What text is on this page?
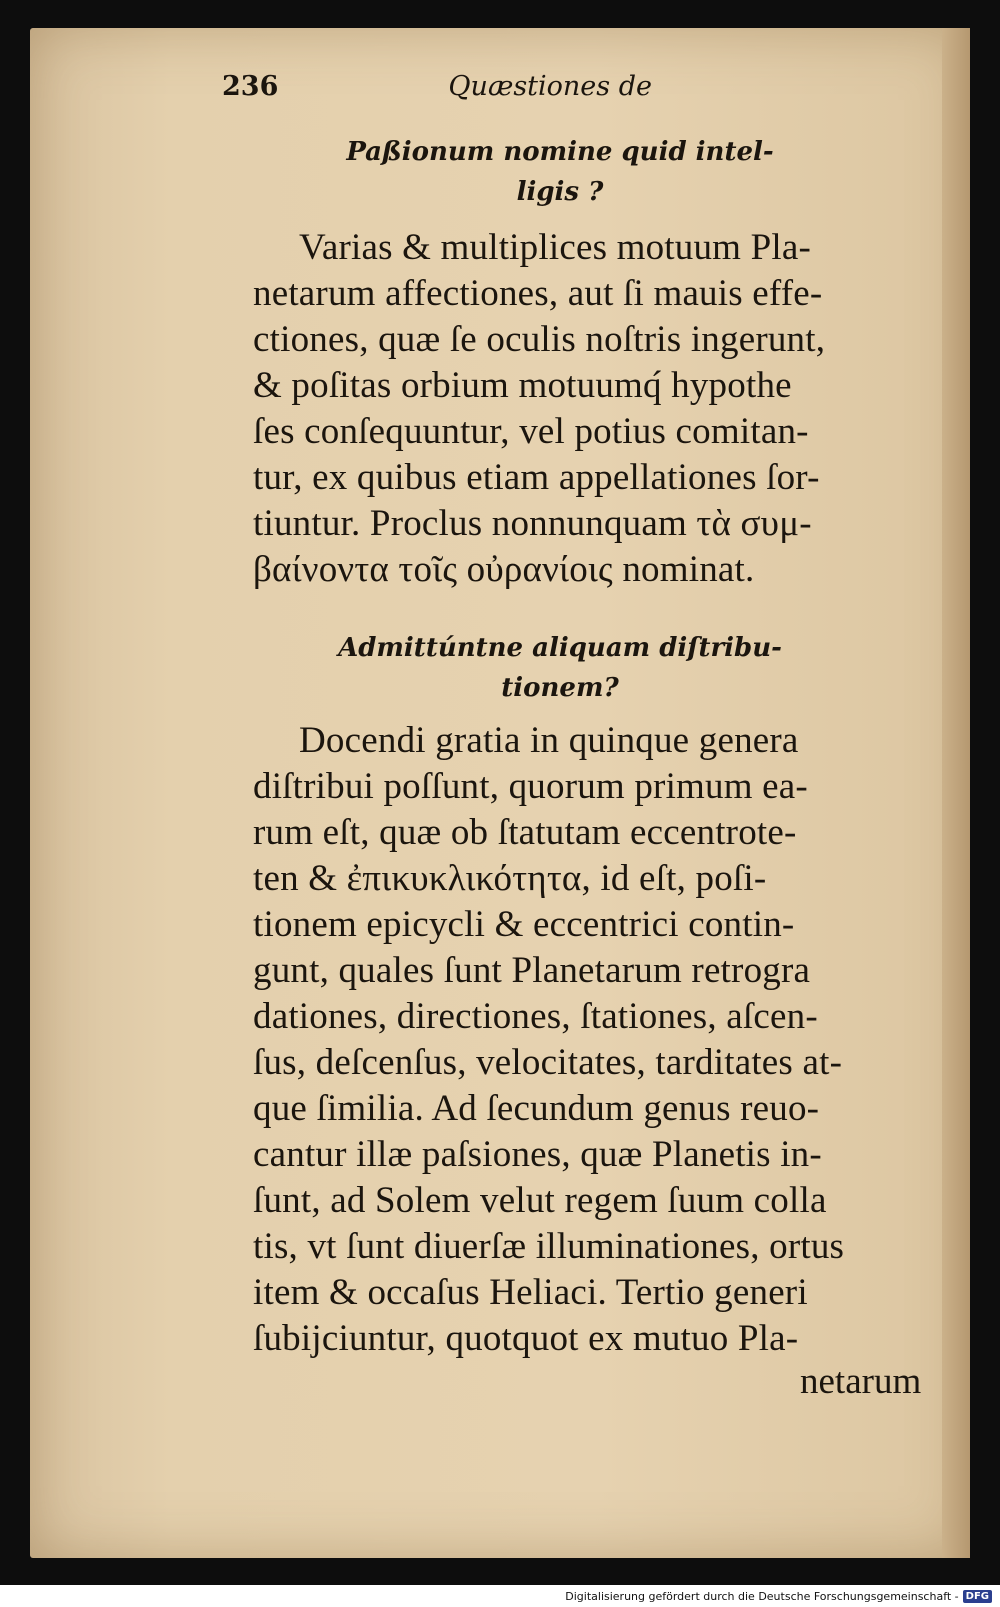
236	Quæstiones de
Paßionum nomine quid intel-
ligis ?
Varias & multiplices motuum Pla-
netarum affectiones, aut ſi mauis effe-
ctiones, quæ ſe oculis noſtris ingerunt,
& poſitas orbium motuumq́ hypothe
ſes conſequuntur, vel potius comitan-
tur, ex quibus etiam appellationes ſor-
tiuntur. Proclus nonnunquam τὰ συμ-
βαίνοντα τοῖς οὐρανίοις nominat.
Admittúntne aliquam diſtribu-
tionem?
Docendi gratia in quinque genera
diſtribui poſſunt, quorum primum ea-
rum eſt, quæ ob ſtatutam eccentrote-
ten & ἐπικυκλικότητα, id eſt, poſi-
tionem epicycli & eccentrici contin-
gunt, quales ſunt Planetarum retrogra
dationes, directiones, ſtationes, aſcen-
ſus, deſcenſus, velocitates, tarditates at-
que ſimilia. Ad ſecundum genus reuo-
cantur illæ paſsiones, quæ Planetis in-
ſunt, ad Solem velut regem ſuum colla
tis, vt ſunt diuerſæ illuminationes, ortus
item & occaſus Heliaci. Tertio generi
ſubijciuntur, quotquot ex mutuo Pla-
netarum
Digitalisierung gefördert durch die Deutsche Forschungsgemeinschaft - DFG
